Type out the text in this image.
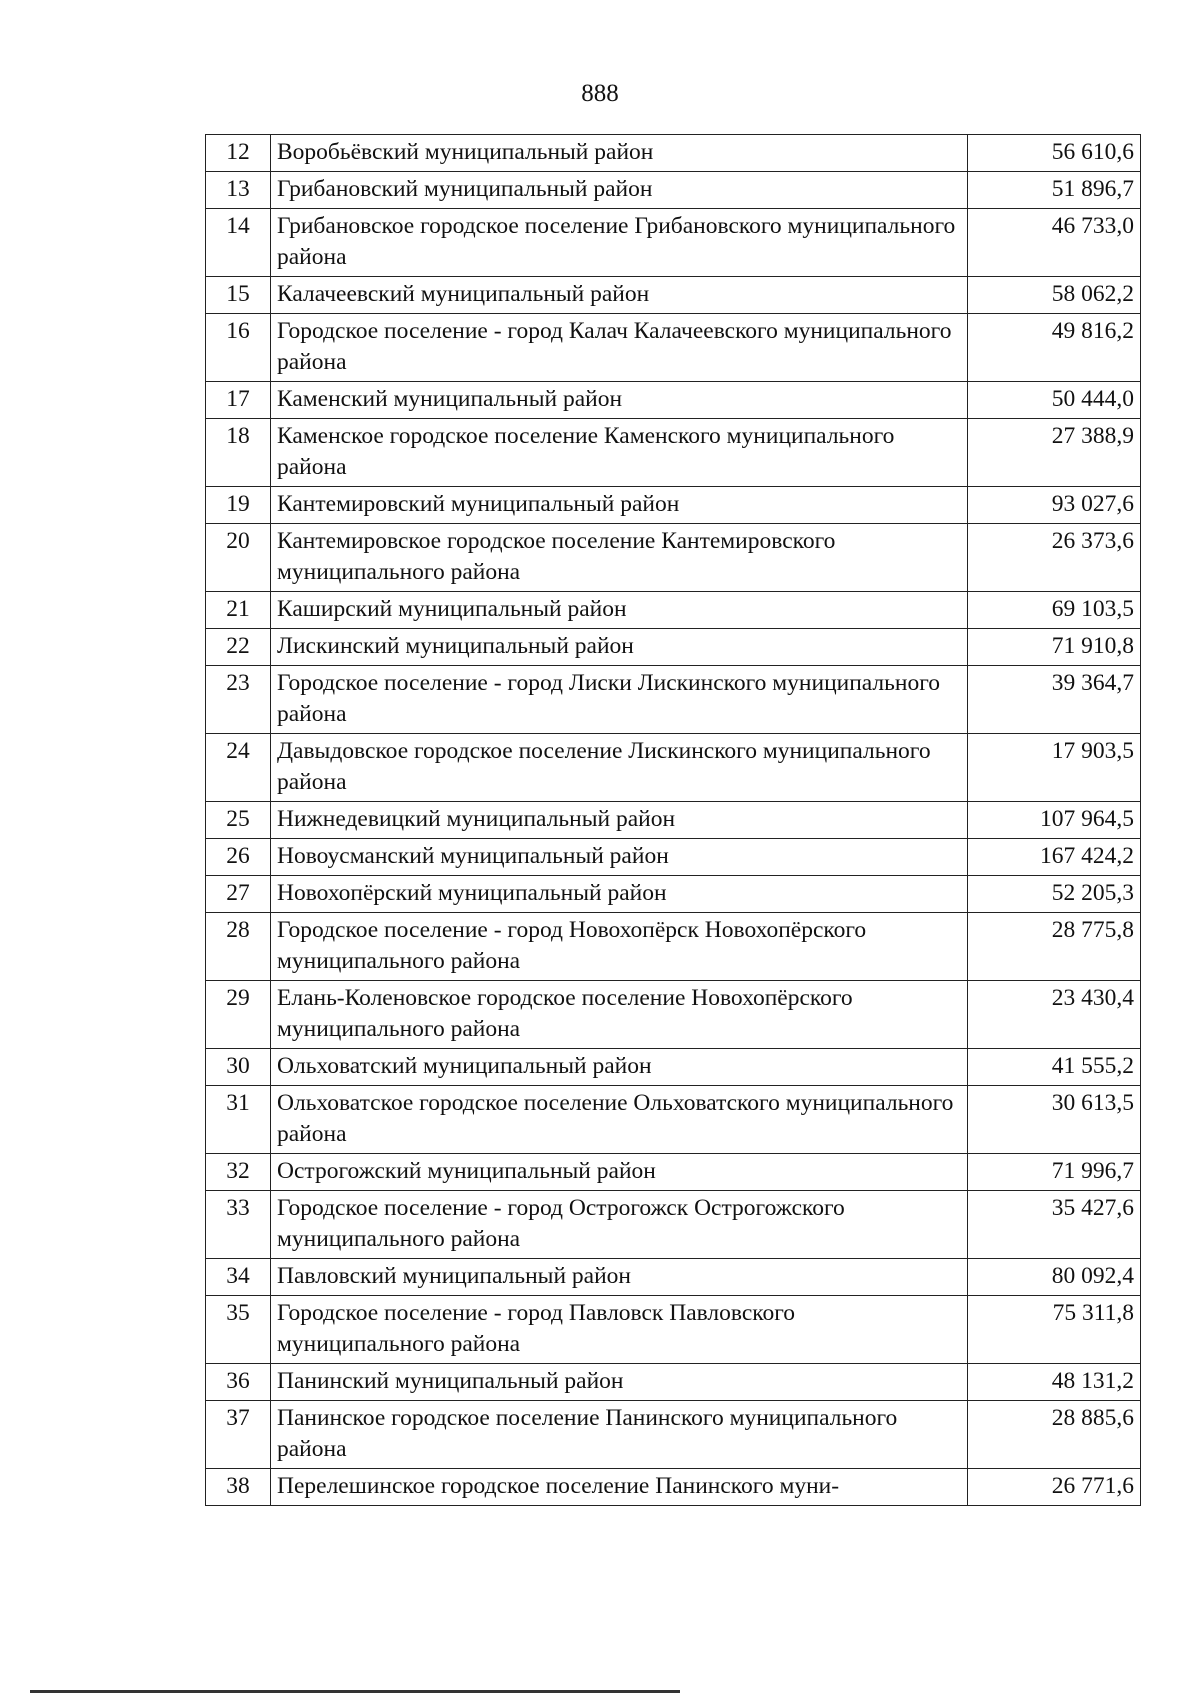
888
12	Воробьёвский муниципальный район	56 610,6
13	Грибановский муниципальный район	51 896,7
14	Грибановское городское поселение Грибановского муниципального района	46 733,0
15	Калачеевский муниципальный район	58 062,2
16	Городское поселение - город Калач Калачеевского муниципального района	49 816,2
17	Каменский муниципальный район	50 444,0
18	Каменское городское поселение Каменского муниципального района	27 388,9
19	Кантемировский муниципальный район	93 027,6
20	Кантемировское городское поселение Кантемировского муниципального района	26 373,6
21	Каширский муниципальный район	69 103,5
22	Лискинский муниципальный район	71 910,8
23	Городское поселение - город Лиски Лискинского муниципального района	39 364,7
24	Давыдовское городское поселение Лискинского муниципального района	17 903,5
25	Нижнедевицкий муниципальный район	107 964,5
26	Новоусманский муниципальный район	167 424,2
27	Новохопёрский муниципальный район	52 205,3
28	Городское поселение - город Новохопёрск Новохопёрского муниципального района	28 775,8
29	Елань-Коленовское городское поселение Новохопёрского муниципального района	23 430,4
30	Ольховатский муниципальный район	41 555,2
31	Ольховатское городское поселение Ольховатского муниципального района	30 613,5
32	Острогожский муниципальный район	71 996,7
33	Городское поселение - город Острогожск Острогожского муниципального района	35 427,6
34	Павловский муниципальный район	80 092,4
35	Городское поселение - город Павловск Павловского муниципального района	75 311,8
36	Панинский муниципальный район	48 131,2
37	Панинское городское поселение Панинского муниципального района	28 885,6
38	Перелешинское городское поселение Панинского муни-	26 771,6
